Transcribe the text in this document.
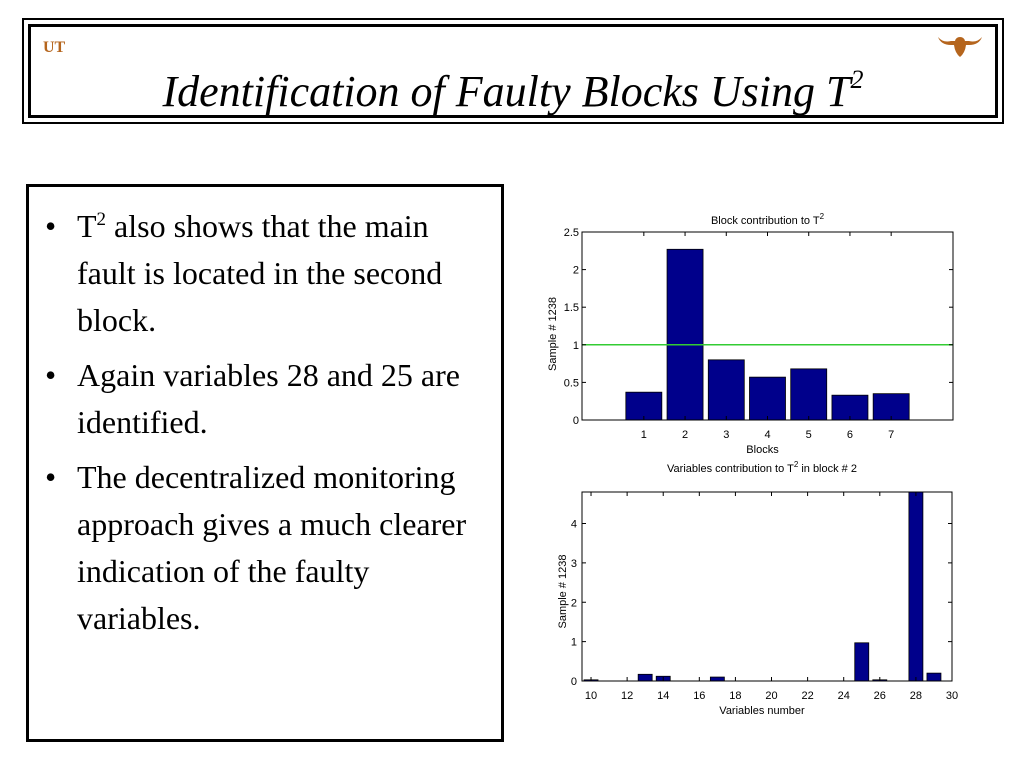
UT
Identification of Faulty Blocks Using $T^2$
• $T^2$ also shows that the main fault is located in the second block.
• Again variables 28 and 25 are identified.
• The decentralized monitoring approach gives a much clearer indication of the faulty variables.
Block contribution to $T^2$
0
0.5
1
1.5
2
2.5
1	2	3	4	5	6	7
Blocks
Sample # 1238
Variables contribution to $T^2$ in block # 2
0
1
2
3
4
10 12 14 16 18 20 22 24 26 28 30
Variables number
Sample # 1238
